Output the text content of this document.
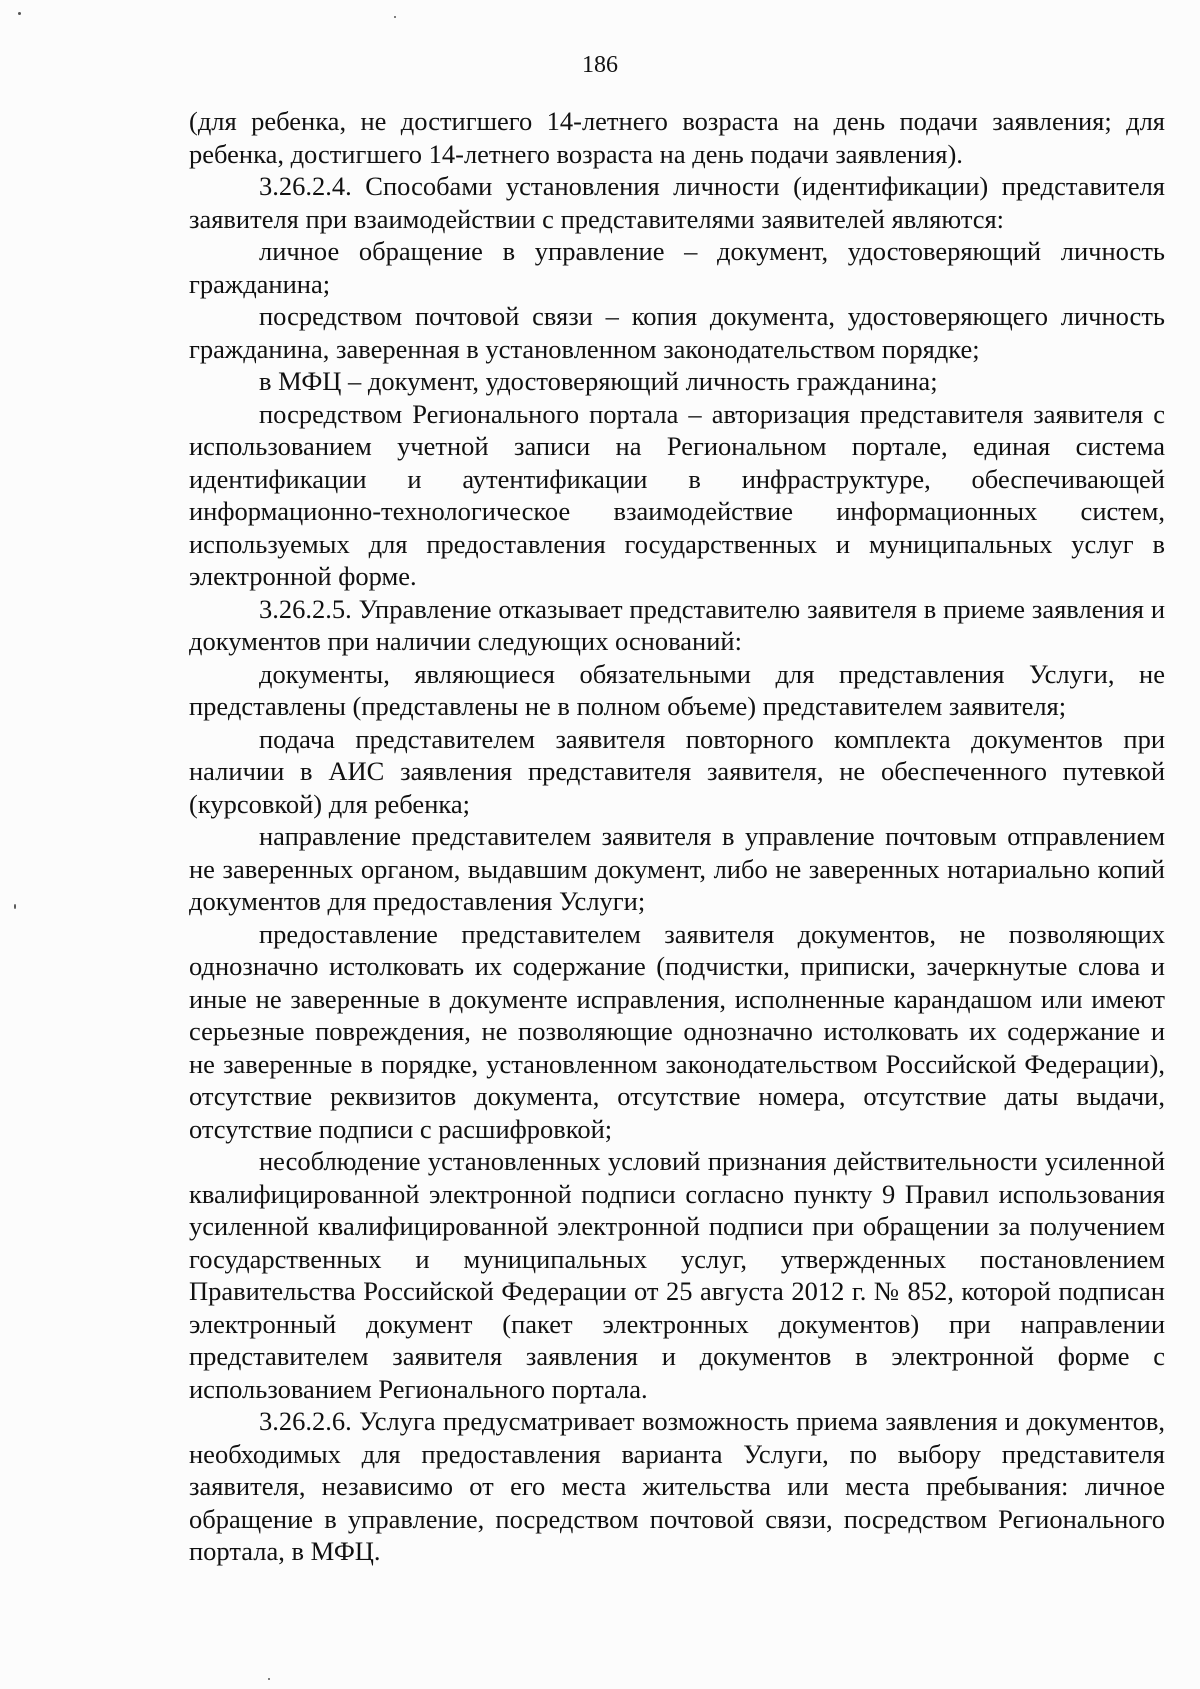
186

(для ребенка, не достигшего 14-летнего возраста на день подачи заявления; для ребенка, достигшего 14-летнего возраста на день подачи заявления).

3.26.2.4. Способами установления личности (идентификации) представителя заявителя при взаимодействии с представителями заявителей являются:

личное обращение в управление – документ, удостоверяющий личность гражданина;

посредством почтовой связи – копия документа, удостоверяющего личность гражданина, заверенная в установленном законодательством порядке;

в МФЦ – документ, удостоверяющий личность гражданина;

посредством Регионального портала – авторизация представителя заявителя с использованием учетной записи на Региональном портале, единая система идентификации и аутентификации в инфраструктуре, обеспечивающей информационно-технологическое взаимодействие информационных систем, используемых для предоставления государственных и муниципальных услуг в электронной форме.

3.26.2.5. Управление отказывает представителю заявителя в приеме заявления и документов при наличии следующих оснований:

документы, являющиеся обязательными для представления Услуги, не представлены (представлены не в полном объеме) представителем заявителя;

подача представителем заявителя повторного комплекта документов при наличии в АИС заявления представителя заявителя, не обеспеченного путевкой (курсовкой) для ребенка;

направление представителем заявителя в управление почтовым отправлением не заверенных органом, выдавшим документ, либо не заверенных нотариально копий документов для предоставления Услуги;

предоставление представителем заявителя документов, не позволяющих однозначно истолковать их содержание (подчистки, приписки, зачеркнутые слова и иные не заверенные в документе исправления, исполненные карандашом или имеют серьезные повреждения, не позволяющие однозначно истолковать их содержание и не заверенные в порядке, установленном законодательством Российской Федерации), отсутствие реквизитов документа, отсутствие номера, отсутствие даты выдачи, отсутствие подписи с расшифровкой;

несоблюдение установленных условий признания действительности усиленной квалифицированной электронной подписи согласно пункту 9 Правил использования усиленной квалифицированной электронной подписи при обращении за получением государственных и муниципальных услуг, утвержденных постановлением Правительства Российской Федерации от 25 августа 2012 г. № 852, которой подписан электронный документ (пакет электронных документов) при направлении представителем заявителя заявления и документов в электронной форме с использованием Регионального портала.

3.26.2.6. Услуга предусматривает возможность приема заявления и документов, необходимых для предоставления варианта Услуги, по выбору представителя заявителя, независимо от его места жительства или места пребывания: личное обращение в управление, посредством почтовой связи, посредством Регионального портала, в МФЦ.
